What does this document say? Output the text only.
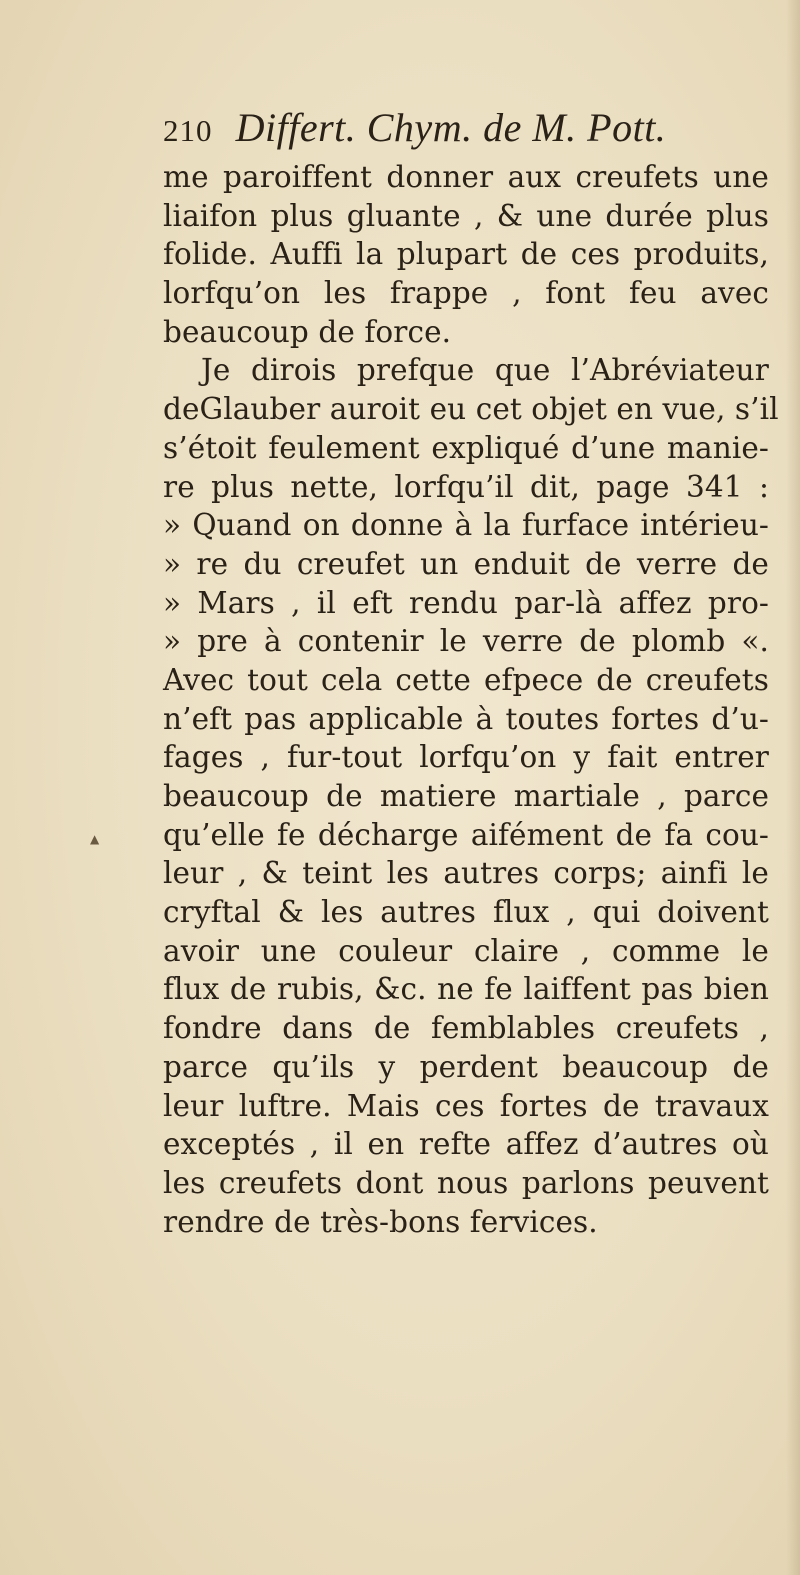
210 Differt. Chym. de M. Pott.
me paroiffent donner aux creufets une
liaifon plus gluante , & une durée plus
folide. Auffi la plupart de ces produits,
lorfqu’on les frappe , font feu avec
beaucoup de force.
Je dirois prefque que l’Abréviateur
deGlauber auroit eu cet objet en vue, s’il
s’étoit feulement expliqué d’une manie-
re plus nette, lorfqu’il dit, page 341 :
» Quand on donne à la furface intérieu-
» re du creufet un enduit de verre de
» Mars , il eft rendu par-là affez pro-
» pre à contenir le verre de plomb «.
Avec tout cela cette efpece de creufets
n’eft pas applicable à toutes fortes d’u-
fages , fur-tout lorfqu’on y fait entrer
beaucoup de matiere martiale , parce
qu’elle fe décharge aifément de fa cou-
leur , & teint les autres corps; ainfi le
cryftal & les autres flux , qui doivent
avoir une couleur claire , comme le
flux de rubis, &c. ne fe laiffent pas bien
fondre dans de femblables creufets ,
parce qu’ils y perdent beaucoup de
leur luftre. Mais ces fortes de travaux
exceptés , il en refte affez d’autres où
les creufets dont nous parlons peuvent
rendre de très-bons fervices.
▲
